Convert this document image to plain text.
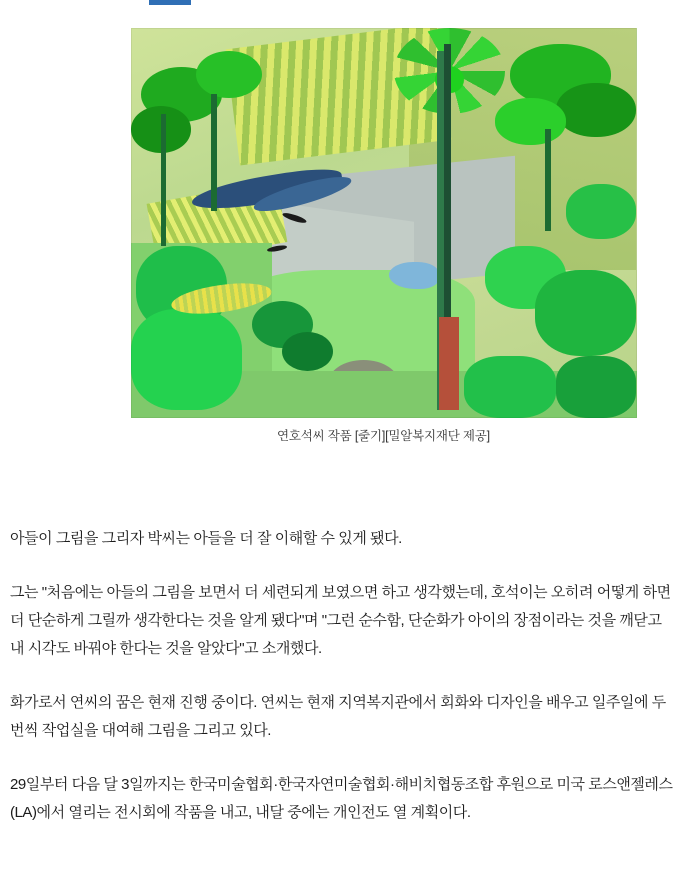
연호석씨 작품 [줄기][밀알복지재단 제공]

아들이 그림을 그리자 박씨는 아들을 더 잘 이해할 수 있게 됐다.

그는 "처음에는 아들의 그림을 보면서 더 세련되게 보였으면 하고 생각했는데, 호석이는 오히려 어떻게 하면 더 단순하게 그릴까 생각한다는 것을 알게 됐다"며 "그런 순수함, 단순화가 아이의 장점이라는 것을 깨닫고 내 시각도 바꿔야 한다는 것을 알았다"고 소개했다.

화가로서 연씨의 꿈은 현재 진행 중이다. 연씨는 현재 지역복지관에서 회화와 디자인을 배우고 일주일에 두 번씩 작업실을 대여해 그림을 그리고 있다.

29일부터 다음 달 3일까지는 한국미술협회·한국자연미술협회·해비치협동조합 후원으로 미국 로스앤젤레스(LA)에서 열리는 전시회에 작품을 내고, 내달 중에는 개인전도 열 계획이다.
